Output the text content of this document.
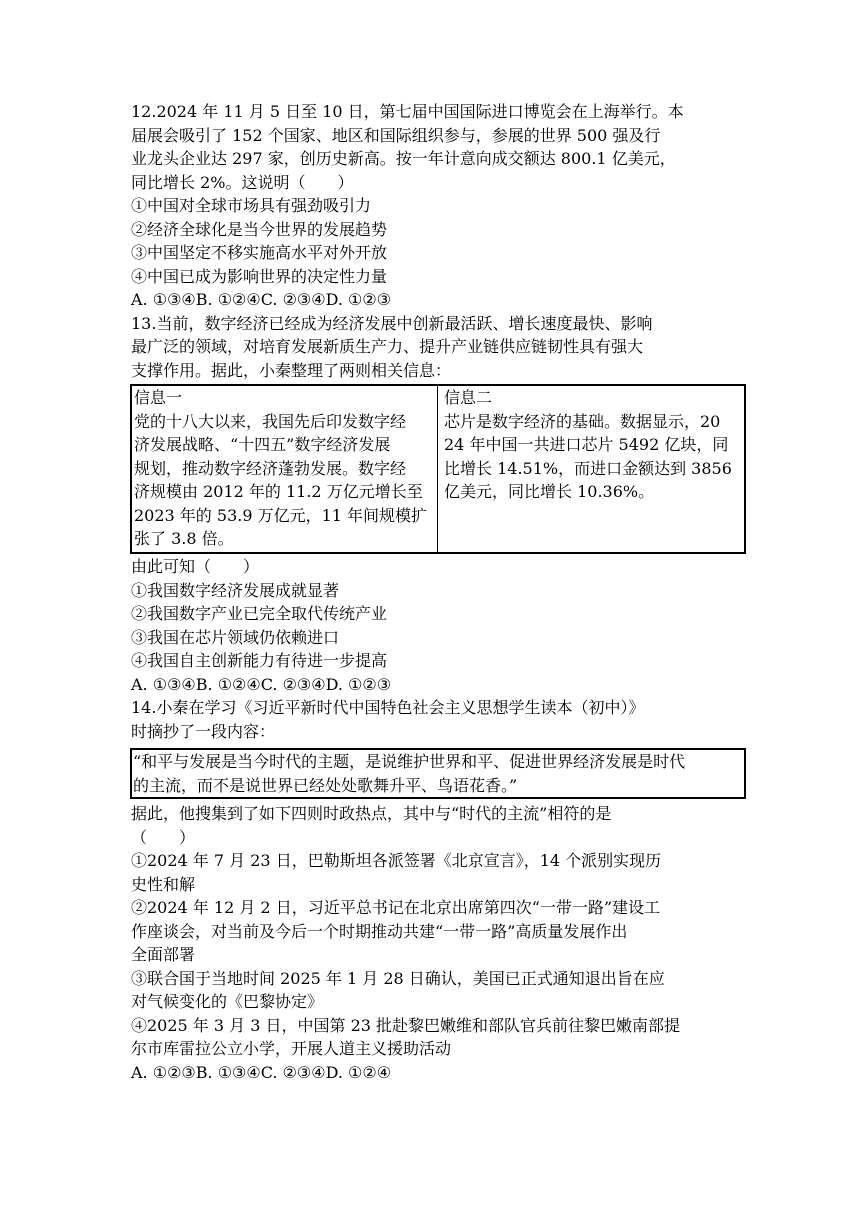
12.2024 年 11 月 5 日至 10 日，第七届中国国际进口博览会在上海举行。本
届展会吸引了 152 个国家、地区和国际组织参与，参展的世界 500 强及行
业龙头企业达 297 家，创历史新高。按一年计意向成交额达 800.1 亿美元，
同比增长 2%。这说明（　　）
①中国对全球市场具有强劲吸引力
②经济全球化是当今世界的发展趋势
③中国坚定不移实施高水平对外开放
④中国已成为影响世界的决定性力量
A. ①③④B. ①②④C. ②③④D. ①②③
13.当前，数字经济已经成为经济发展中创新最活跃、增长速度最快、影响
最广泛的领域，对培育发展新质生产力、提升产业链供应链韧性具有强大
支撑作用。据此，小秦整理了两则相关信息：
信息一
党的十八大以来，我国先后印发数字经
济发展战略、“十四五”数字经济发展
规划，推动数字经济蓬勃发展。数字经
济规模由 2012 年的 11.2 万亿元增长至
2023 年的 53.9 万亿元，11 年间规模扩
张了 3.8 倍。
信息二
芯片是数字经济的基础。数据显示，20
24 年中国一共进口芯片 5492 亿块，同
比增长 14.51%，而进口金额达到 3856
亿美元，同比增长 10.36%。
由此可知（　　）
①我国数字经济发展成就显著
②我国数字产业已完全取代传统产业
③我国在芯片领域仍依赖进口
④我国自主创新能力有待进一步提高
A. ①③④B. ①②④C. ②③④D. ①②③
14.小秦在学习《习近平新时代中国特色社会主义思想学生读本（初中）》
时摘抄了一段内容：
“和平与发展是当今时代的主题，是说维护世界和平、促进世界经济发展是时代
的主流，而不是说世界已经处处歌舞升平、鸟语花香。”
据此，他搜集到了如下四则时政热点，其中与“时代的主流”相符的是
（　　）
①2024 年 7 月 23 日，巴勒斯坦各派签署《北京宣言》，14 个派别实现历
史性和解
②2024 年 12 月 2 日，习近平总书记在北京出席第四次“一带一路”建设工
作座谈会，对当前及今后一个时期推动共建“一带一路”高质量发展作出
全面部署
③联合国于当地时间 2025 年 1 月 28 日确认，美国已正式通知退出旨在应
对气候变化的《巴黎协定》
④2025 年 3 月 3 日，中国第 23 批赴黎巴嫩维和部队官兵前往黎巴嫩南部提
尔市库雷拉公立小学，开展人道主义援助活动
A. ①②③B. ①③④C. ②③④D. ①②④
